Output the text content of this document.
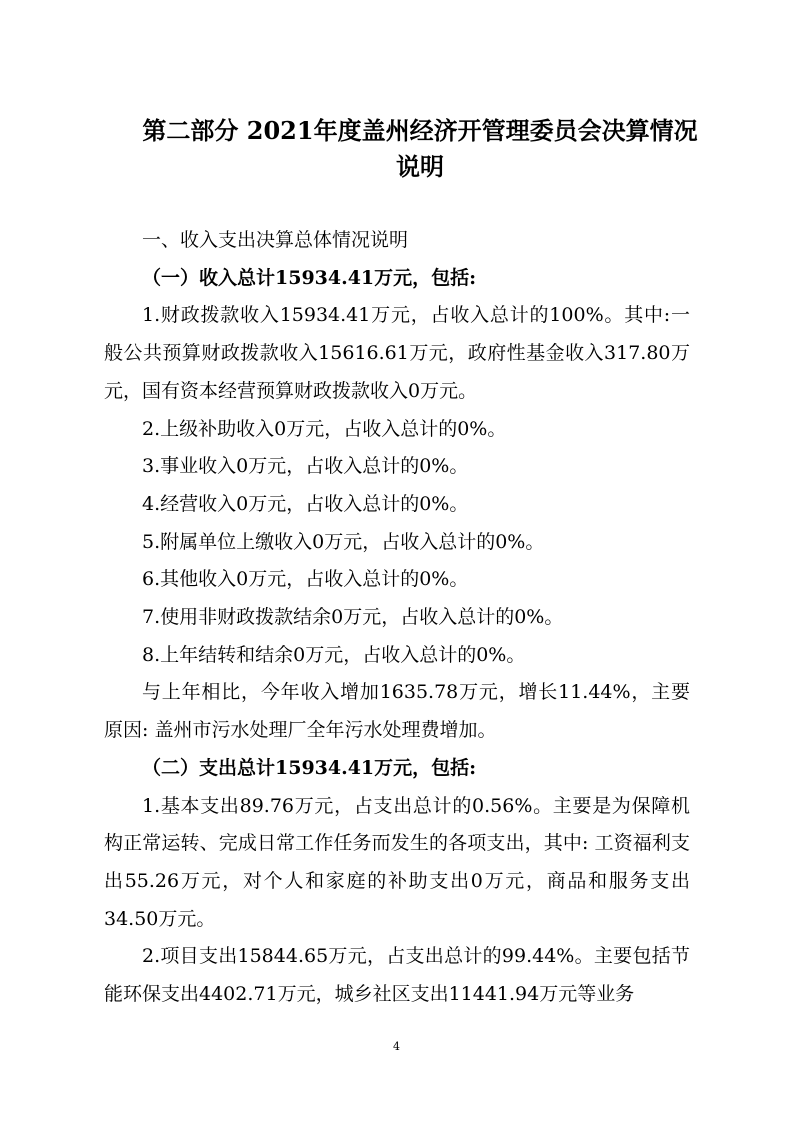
第二部分 2021年度盖州经济开管理委员会决算情况
说明

一、收入支出决算总体情况说明

（一）收入总计15934.41万元，包括:

1.财政拨款收入15934.41万元，占收入总计的100%。其中:一般公共预算财政拨款收入15616.61万元，政府性基金收入317.80万元，国有资本经营预算财政拨款收入0万元。

2.上级补助收入0万元，占收入总计的0%。

3.事业收入0万元，占收入总计的0%。

4.经营收入0万元，占收入总计的0%。

5.附属单位上缴收入0万元，占收入总计的0%。

6.其他收入0万元，占收入总计的0%。

7.使用非财政拨款结余0万元，占收入总计的0%。

8.上年结转和结余0万元，占收入总计的0%。

与上年相比，今年收入增加1635.78万元，增长11.44%，主要原因: 盖州市污水处理厂全年污水处理费增加。

（二）支出总计15934.41万元，包括:

1.基本支出89.76万元，占支出总计的0.56%。主要是为保障机构正常运转、完成日常工作任务而发生的各项支出，其中: 工资福利支出55.26万元，对个人和家庭的补助支出0万元，商品和服务支出34.50万元。

2.项目支出15844.65万元，占支出总计的99.44%。主要包括节能环保支出4402.71万元，城乡社区支出11441.94万元等业务

4
